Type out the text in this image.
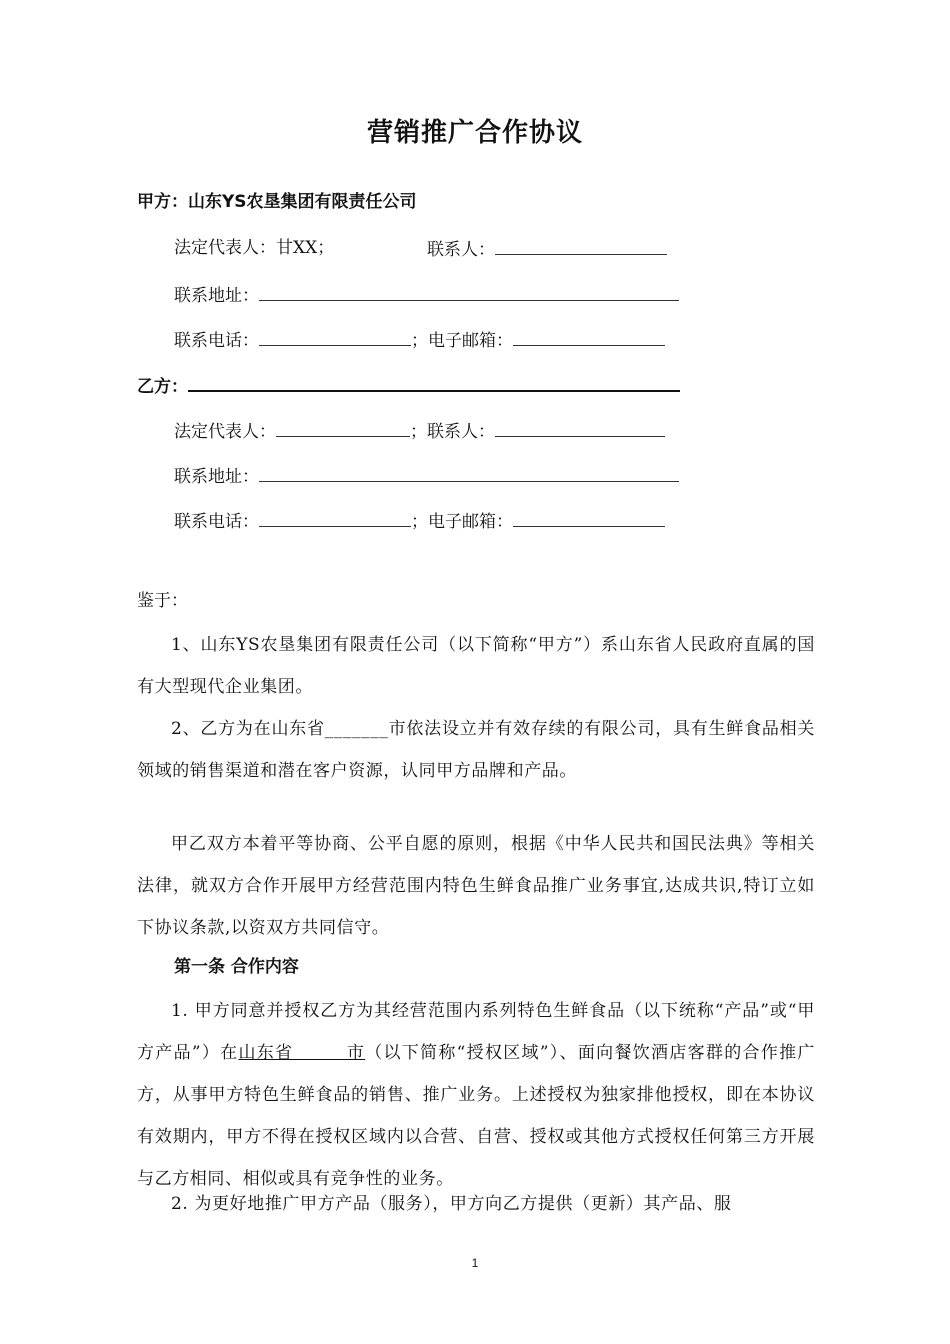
营销推广合作协议
甲方：山东YS农垦集团有限责任公司
法定代表人：甘XX；	联系人：
联系地址：
联系电话：	；电子邮箱：
乙方：
法定代表人：	；联系人：
联系地址：
联系电话：	；电子邮箱：
鉴于：
1、山东YS农垦集团有限责任公司（以下简称“甲方”）系山东省人民政府直属的国有大型现代企业集团。
2、乙方为在山东省_______市依法设立并有效存续的有限公司，具有生鲜食品相关领域的销售渠道和潜在客户资源，认同甲方品牌和产品。
甲乙双方本着平等协商、公平自愿的原则，根据《中华人民共和国民法典》等相关法律，就双方合作开展甲方经营范围内特色生鲜食品推广业务事宜,达成共识,特订立如下协议条款,以资双方共同信守。
第一条 合作内容
1. 甲方同意并授权乙方为其经营范围内系列特色生鲜食品（以下统称“产品”或“甲方产品”）在山东省        市（以下简称“授权区域”）、面向餐饮酒店客群的合作推广方，从事甲方特色生鲜食品的销售、推广业务。上述授权为独家排他授权，即在本协议有效期内，甲方不得在授权区域内以合营、自营、授权或其他方式授权任何第三方开展与乙方相同、相似或具有竞争性的业务。
2. 为更好地推广甲方产品（服务），甲方向乙方提供（更新）其产品、服
1
